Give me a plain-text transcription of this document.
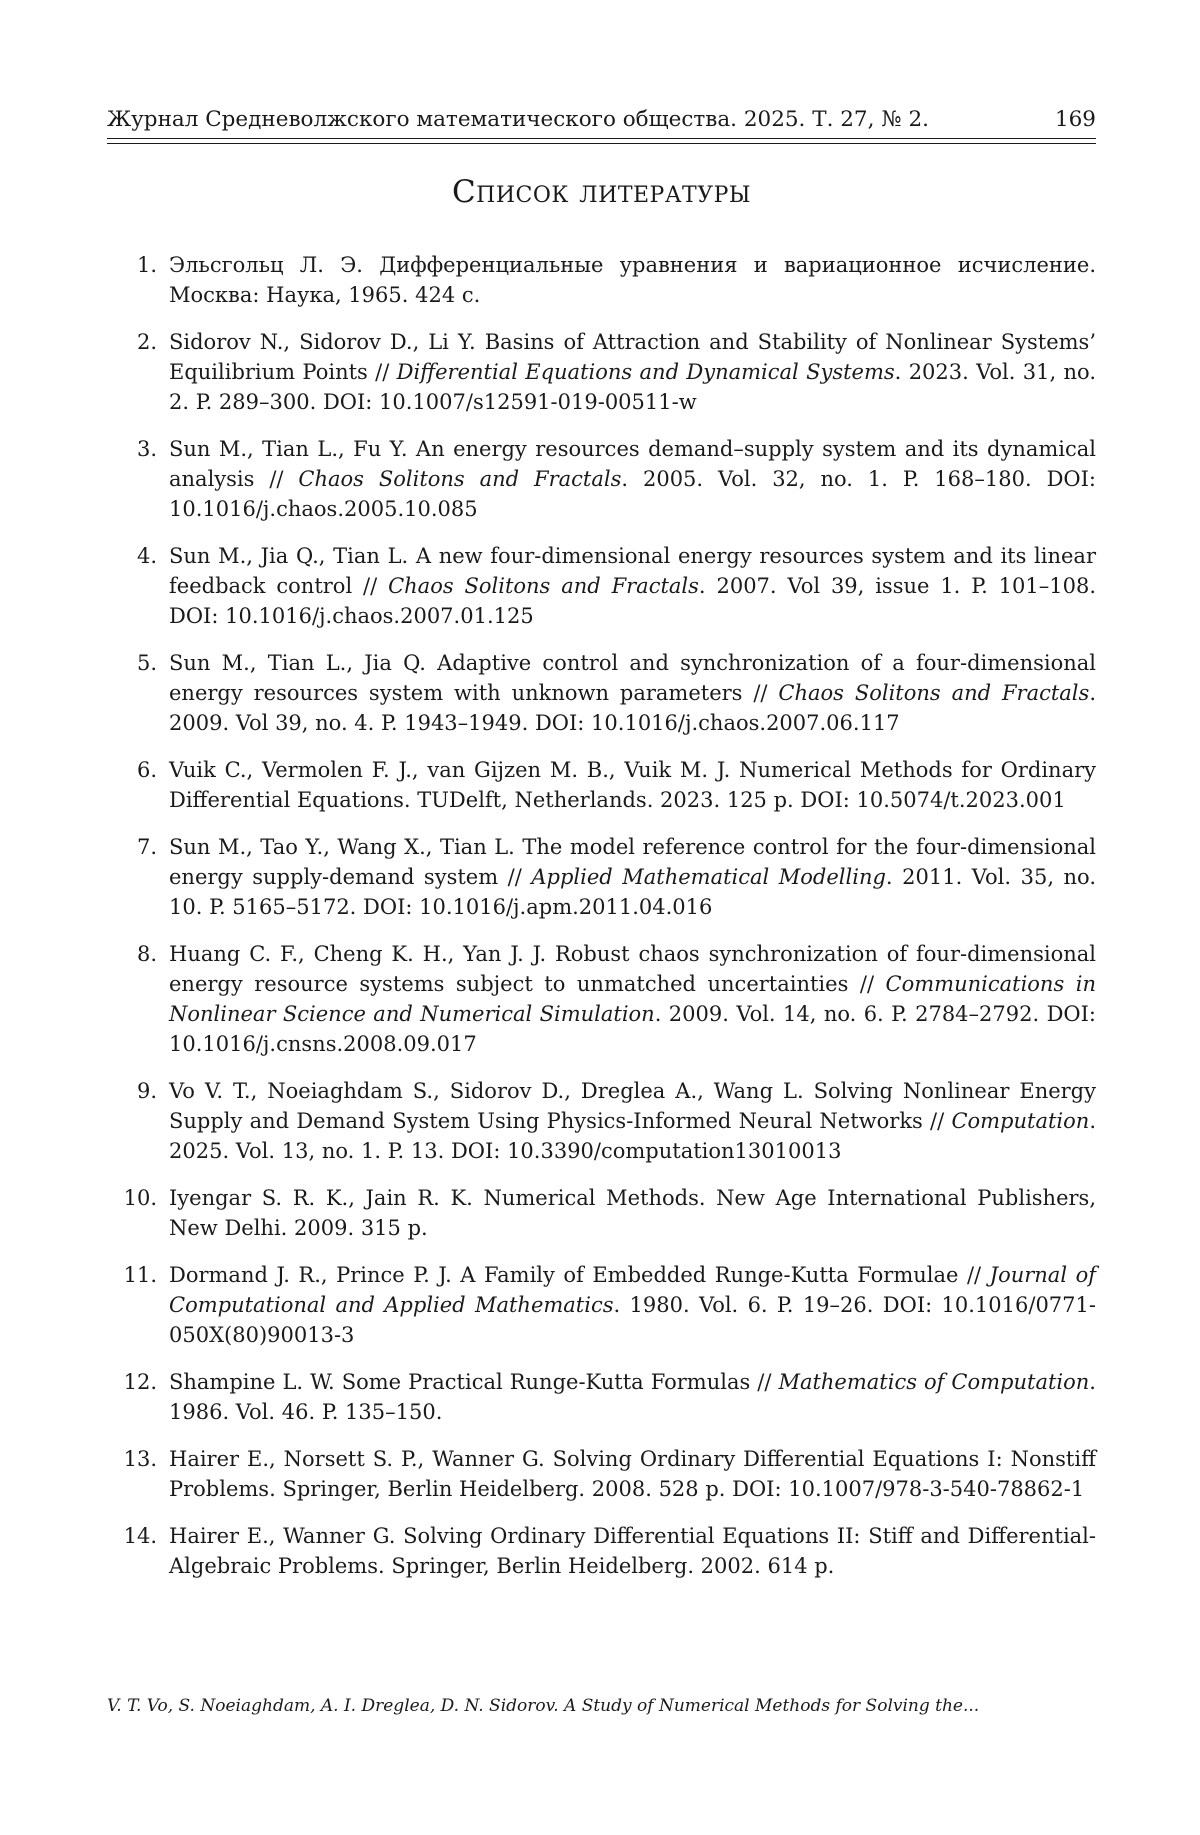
Журнал Средневолжского математического общества. 2025. Т. 27, № 2.	169
Список литературы
1. Эльсгольц Л. Э. Дифференциальные уравнения и вариационное исчисление. Москва: Наука, 1965. 424 с.
2. Sidorov N., Sidorov D., Li Y. Basins of Attraction and Stability of Nonlinear Systems’ Equilibrium Points // Differential Equations and Dynamical Systems. 2023. Vol. 31, no. 2. P. 289–300. DOI: 10.1007/s12591-019-00511-w
3. Sun M., Tian L., Fu Y. An energy resources demand–supply system and its dynamical analysis // Chaos Solitons and Fractals. 2005. Vol. 32, no. 1. P. 168–180. DOI: 10.1016/j.chaos.2005.10.085
4. Sun M., Jia Q., Tian L. A new four-dimensional energy resources system and its linear feedback control // Chaos Solitons and Fractals. 2007. Vol 39, issue 1. P. 101–108. DOI: 10.1016/j.chaos.2007.01.125
5. Sun M., Tian L., Jia Q. Adaptive control and synchronization of a four-dimensional energy resources system with unknown parameters // Chaos Solitons and Fractals. 2009. Vol 39, no. 4. P. 1943–1949. DOI: 10.1016/j.chaos.2007.06.117
6. Vuik C., Vermolen F. J., van Gijzen M. B., Vuik M. J. Numerical Methods for Ordinary Differential Equations. TUDelft, Netherlands. 2023. 125 p. DOI: 10.5074/t.2023.001
7. Sun M., Tao Y., Wang X., Tian L. The model reference control for the four-dimensional energy supply-demand system // Applied Mathematical Modelling. 2011. Vol. 35, no. 10. P. 5165–5172. DOI: 10.1016/j.apm.2011.04.016
8. Huang C. F., Cheng K. H., Yan J. J. Robust chaos synchronization of four-dimensional energy resource systems subject to unmatched uncertainties // Communications in Nonlinear Science and Numerical Simulation. 2009. Vol. 14, no. 6. P. 2784–2792. DOI: 10.1016/j.cnsns.2008.09.017
9. Vo V. T., Noeiaghdam S., Sidorov D., Dreglea A., Wang L. Solving Nonlinear Energy Supply and Demand System Using Physics-Informed Neural Networks // Computation. 2025. Vol. 13, no. 1. P. 13. DOI: 10.3390/computation13010013
10. Iyengar S. R. K., Jain R. K. Numerical Methods. New Age International Publishers, New Delhi. 2009. 315 p.
11. Dormand J. R., Prince P. J. A Family of Embedded Runge-Kutta Formulae // Journal of Computational and Applied Mathematics. 1980. Vol. 6. P. 19–26. DOI: 10.1016/0771-050X(80)90013-3
12. Shampine L. W. Some Practical Runge-Kutta Formulas // Mathematics of Computation. 1986. Vol. 46. P. 135–150.
13. Hairer E., Norsett S. P., Wanner G. Solving Ordinary Differential Equations I: Nonstiff Problems. Springer, Berlin Heidelberg. 2008. 528 p. DOI: 10.1007/978-3-540-78862-1
14. Hairer E., Wanner G. Solving Ordinary Differential Equations II: Stiff and Differential-Algebraic Problems. Springer, Berlin Heidelberg. 2002. 614 p.
V. T. Vo, S. Noeiaghdam, A. I. Dreglea, D. N. Sidorov. A Study of Numerical Methods for Solving the...
